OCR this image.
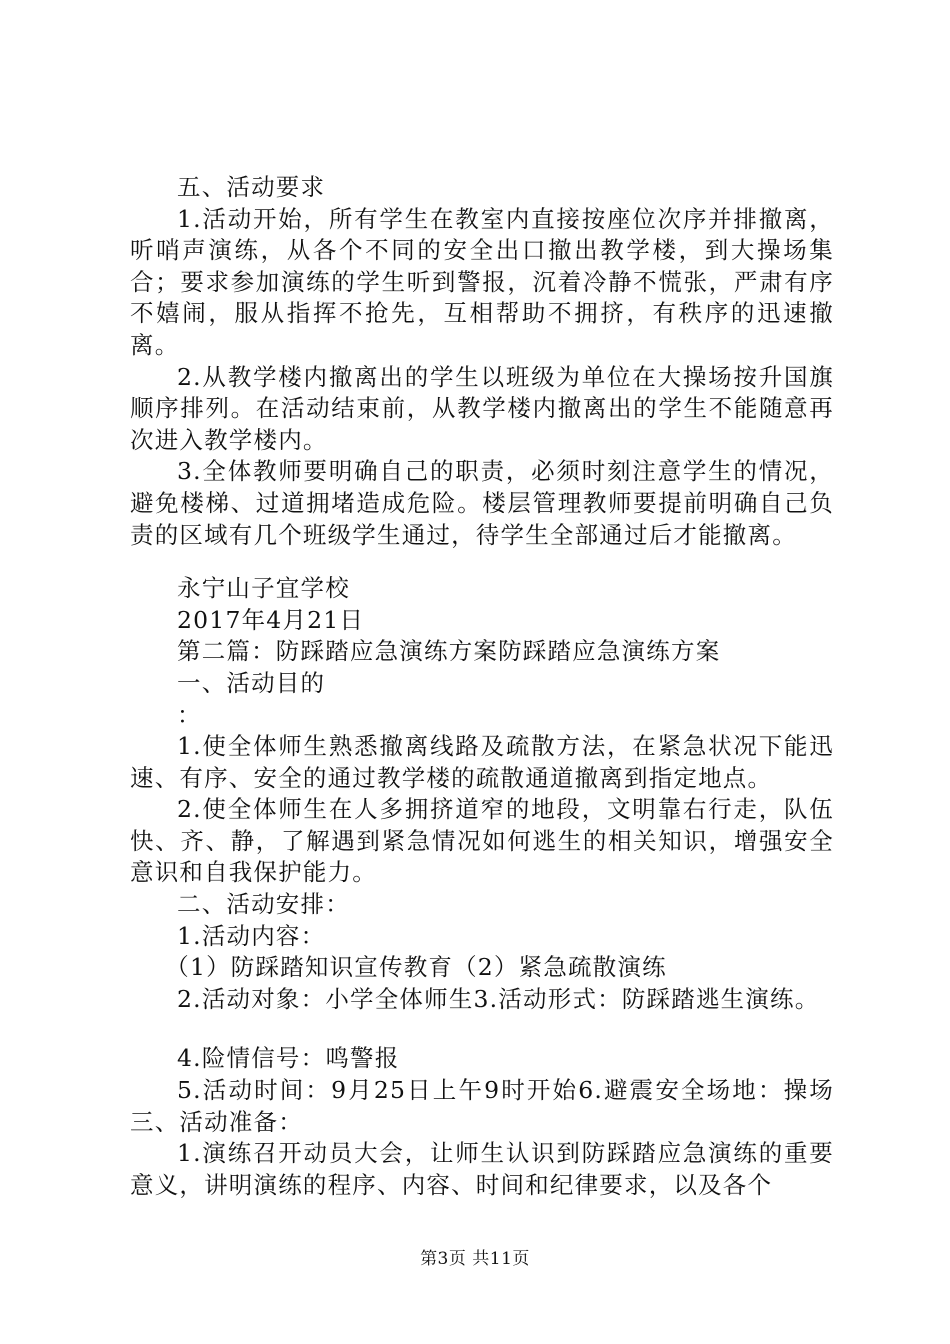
五、活动要求

1.活动开始，所有学生在教室内直接按座位次序并排撤离，听哨声演练，从各个不同的安全出口撤出教学楼，到大操场集合；要求参加演练的学生听到警报，沉着冷静不慌张，严肃有序不嬉闹，服从指挥不抢先，互相帮助不拥挤，有秩序的迅速撤离。

2.从教学楼内撤离出的学生以班级为单位在大操场按升国旗顺序排列。在活动结束前，从教学楼内撤离出的学生不能随意再次进入教学楼内。

3.全体教师要明确自己的职责，必须时刻注意学生的情况，避免楼梯、过道拥堵造成危险。楼层管理教师要提前明确自己负责的区域有几个班级学生通过，待学生全部通过后才能撤离。

永宁山子宜学校

2017年4月21日

第二篇：防踩踏应急演练方案防踩踏应急演练方案

一、活动目的

：

1.使全体师生熟悉撤离线路及疏散方法，在紧急状况下能迅速、有序、安全的通过教学楼的疏散通道撤离到指定地点。

2.使全体师生在人多拥挤道窄的地段，文明靠右行走，队伍快、齐、静，了解遇到紧急情况如何逃生的相关知识，增强安全意识和自我保护能力。

二、活动安排：

1.活动内容：

（1）防踩踏知识宣传教育（2）紧急疏散演练

2.活动对象：小学全体师生3.活动形式：防踩踏逃生演练。

4.险情信号：鸣警报

5.活动时间：9月25日上午9时开始6.避震安全场地：操场三、活动准备：

1.演练召开动员大会，让师生认识到防踩踏应急演练的重要意义，讲明演练的程序、内容、时间和纪律要求，以及各个

第3页 共11页
